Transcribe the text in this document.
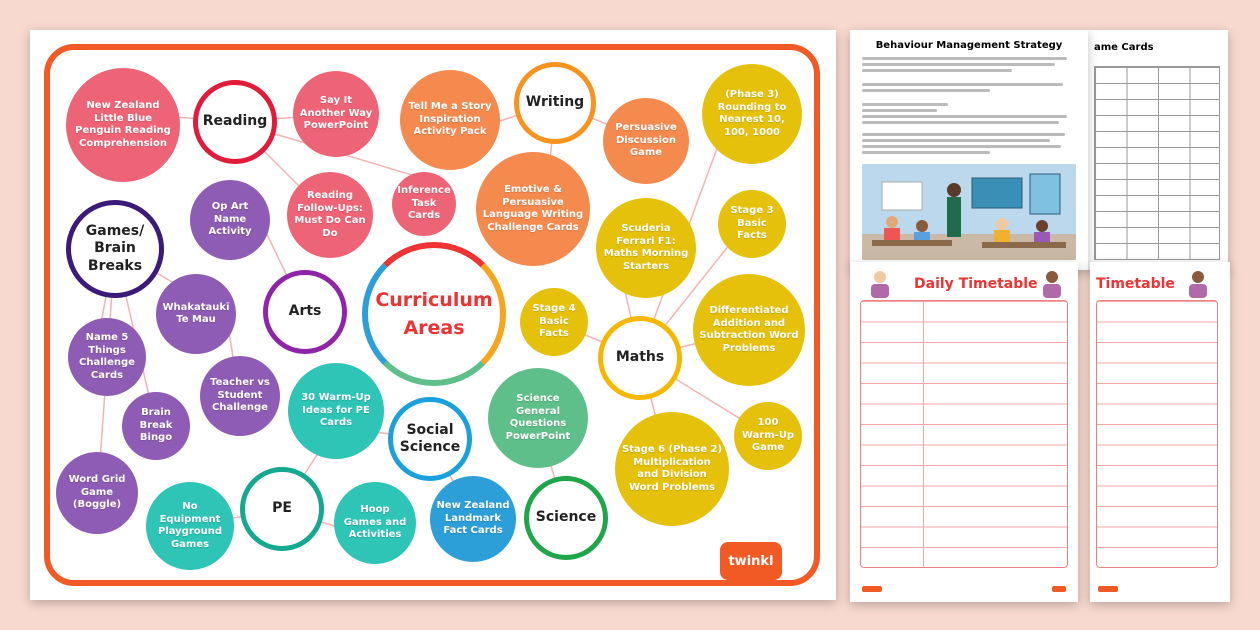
Curriculum
Areas
Reading
Writing
Games/ Brain Breaks
Arts
Maths
Social Science
PE
Science
New Zealand Little Blue Penguin Reading Comprehension
Say It Another Way PowerPoint
Tell Me a Story Inspiration Activity Pack
(Phase 3) Rounding to Nearest 10, 100, 1000
Persuasive Discussion Game
Emotive & Persuasive Language Writing Challenge Cards
Stage 3 Basic Facts
Inference Task Cards
Reading Follow-Ups: Must Do Can Do
Op Art Name Activity	Scuderia Ferrari F1: Maths Morning Starters
Differentiated Addition and Subtraction Word Problems
Stage 4 Basic Facts
Whakataukī Te Mau
Name 5 Things Challenge Cards
Teacher vs Student Challenge
Brain Break Bingo
Word Grid Game (Boggle)
30 Warm-Up Ideas for PE Cards
Science General Questions PowerPoint
Stage 6 (Phase 2) Multiplication and Division Word Problems
100 Warm-Up Game
No Equipment Playground Games
Hoop Games and Activities
New Zealand Landmark Fact Cards
twinkl
ame Cards
Behaviour Management Strategy
Timetable
Daily Timetable
